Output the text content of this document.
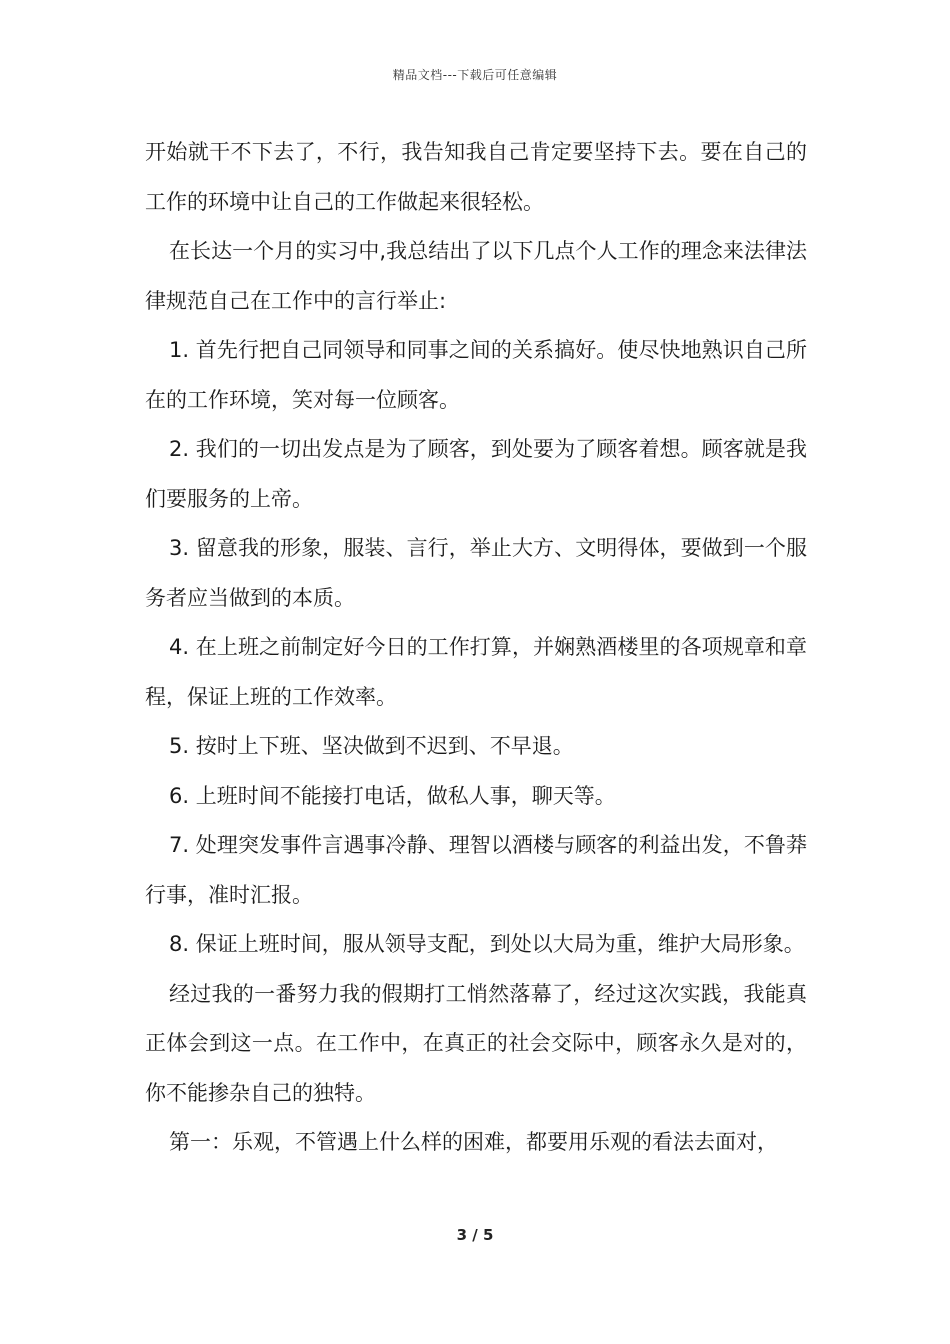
精品文档---下载后可任意编辑

开始就干不下去了，不行，我告知我自己肯定要坚持下去。要在自己的工作的环境中让自己的工作做起来很轻松。

在长达一个月的实习中,我总结出了以下几点个人工作的理念来法律法律规范自己在工作中的言行举止:

1. 首先行把自己同领导和同事之间的关系搞好。使尽快地熟识自己所在的工作环境，笑对每一位顾客。

2. 我们的一切出发点是为了顾客，到处要为了顾客着想。顾客就是我们要服务的上帝。

3. 留意我的形象，服装、言行，举止大方、文明得体，要做到一个服务者应当做到的本质。

4. 在上班之前制定好今日的工作打算，并娴熟酒楼里的各项规章和章程，保证上班的工作效率。

5. 按时上下班、坚决做到不迟到、不早退。

6. 上班时间不能接打电话，做私人事，聊天等。

7. 处理突发事件言遇事冷静、理智以酒楼与顾客的利益出发，不鲁莽行事，准时汇报。

8. 保证上班时间，服从领导支配，到处以大局为重，维护大局形象。

经过我的一番努力我的假期打工悄然落幕了，经过这次实践，我能真正体会到这一点。在工作中，在真正的社会交际中，顾客永久是对的，你不能掺杂自己的独特。

第一：乐观，不管遇上什么样的困难，都要用乐观的看法去面对，

3 / 5
